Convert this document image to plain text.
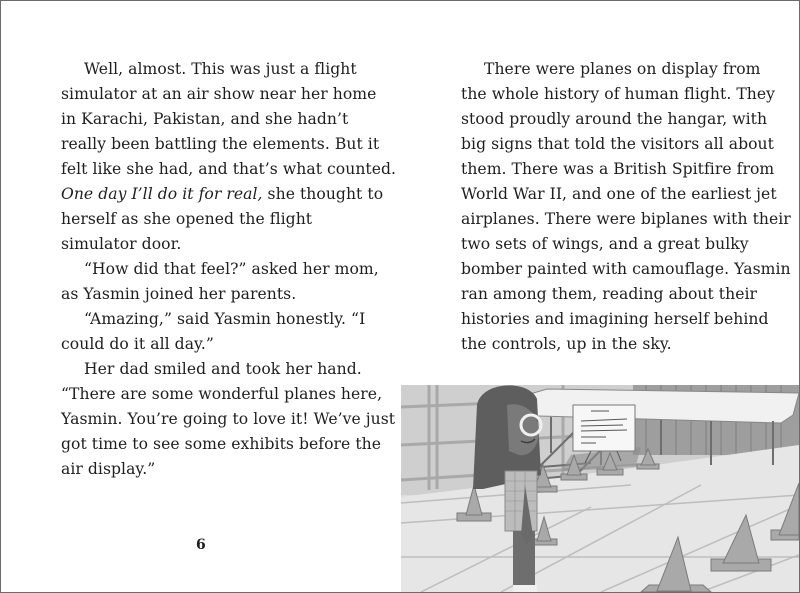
Well, almost. This was just a flight
simulator at an air show near her home
in Karachi, Pakistan, and she hadn’t
really been battling the elements. But it
felt like she had, and that’s what counted.
One day I’ll do it for real, she thought to
herself as she opened the flight
simulator door.
“How did that feel?” asked her mom,
as Yasmin joined her parents.
“Amazing,” said Yasmin honestly. “I
could do it all day.”
Her dad smiled and took her hand.
“There are some wonderful planes here,
Yasmin. You’re going to love it! We’ve just
got time to see some exhibits before the
air display.”
6
There were planes on display from
the whole history of human flight. They
stood proudly around the hangar, with
big signs that told the visitors all about
them. There was a British Spitfire from
World War II, and one of the earliest jet
airplanes. There were biplanes with their
two sets of wings, and a great bulky
bomber painted with camouflage. Yasmin
ran among them, reading about their
histories and imagining herself behind
the controls, up in the sky.
